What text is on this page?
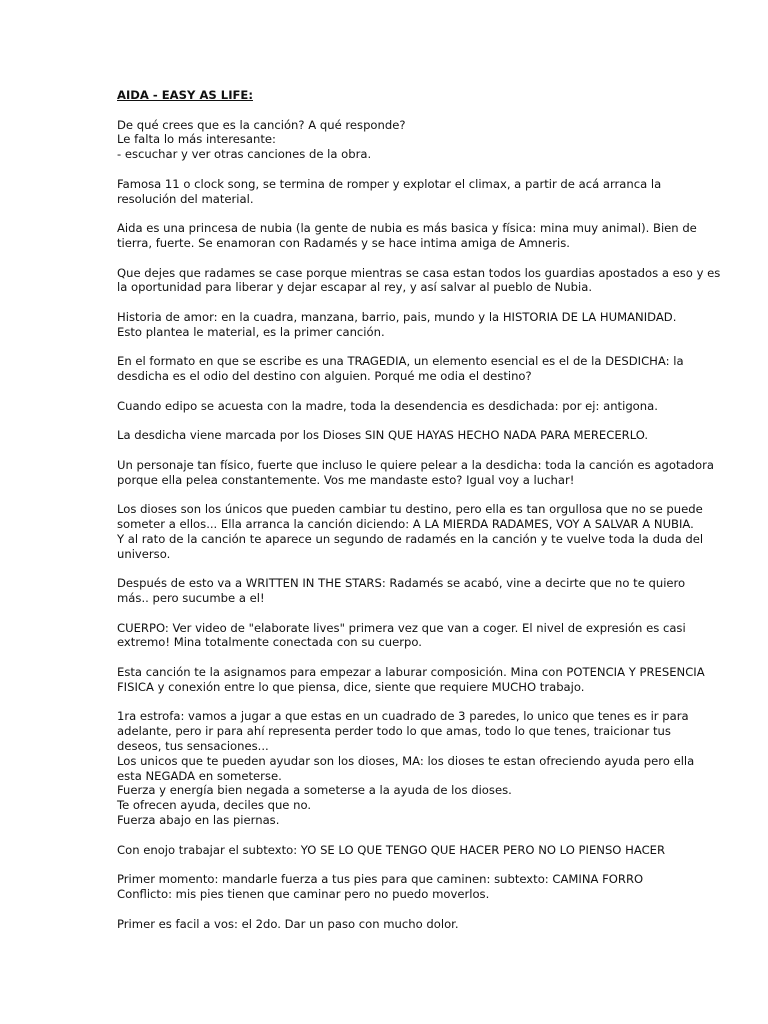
AIDA - EASY AS LIFE:
De qué crees que es la canción? A qué responde?
Le falta lo más interesante:
- escuchar y ver otras canciones de la obra.
Famosa 11 o clock song, se termina de romper y explotar el climax, a partir de acá arranca la
resolución del material.
Aida es una princesa de nubia (la gente de nubia es más basica y física: mina muy animal). Bien de
tierra, fuerte. Se enamoran con Radamés y se hace intima amiga de Amneris.
Que dejes que radames se case porque mientras se casa estan todos los guardias apostados a eso y es
la oportunidad para liberar y dejar escapar al rey, y así salvar al pueblo de Nubia.
Historia de amor: en la cuadra, manzana, barrio, pais, mundo y la HISTORIA DE LA HUMANIDAD.
Esto plantea le material, es la primer canción.
En el formato en que se escribe es una TRAGEDIA, un elemento esencial es el de la DESDICHA: la
desdicha es el odio del destino con alguien. Porqué me odia el destino?
Cuando edipo se acuesta con la madre, toda la desendencia es desdichada: por ej: antigona.
La desdicha viene marcada por los Dioses SIN QUE HAYAS HECHO NADA PARA MERECERLO.
Un personaje tan físico, fuerte que incluso le quiere pelear a la desdicha: toda la canción es agotadora
porque ella pelea constantemente. Vos me mandaste esto? Igual voy a luchar!
Los dioses son los únicos que pueden cambiar tu destino, pero ella es tan orgullosa que no se puede
someter a ellos... Ella arranca la canción diciendo: A LA MIERDA RADAMES, VOY A SALVAR A NUBIA.
Y al rato de la canción te aparece un segundo de radamés en la canción y te vuelve toda la duda del
universo.
Después de esto va a WRITTEN IN THE STARS: Radamés se acabó, vine a decirte que no te quiero
más.. pero sucumbe a el!
CUERPO: Ver video de "elaborate lives" primera vez que van a coger. El nivel de expresión es casi
extremo! Mina totalmente conectada con su cuerpo.
Esta canción te la asignamos para empezar a laburar composición. Mina con POTENCIA Y PRESENCIA
FISICA y conexión entre lo que piensa, dice, siente que requiere MUCHO trabajo.
1ra estrofa: vamos a jugar a que estas en un cuadrado de 3 paredes, lo unico que tenes es ir para
adelante, pero ir para ahí representa perder todo lo que amas, todo lo que tenes, traicionar tus
deseos, tus sensaciones...
Los unicos que te pueden ayudar son los dioses, MA: los dioses te estan ofreciendo ayuda pero ella
esta NEGADA en someterse.
Fuerza y energía bien negada a someterse a la ayuda de los dioses.
Te ofrecen ayuda, deciles que no.
Fuerza abajo en las piernas.
Con enojo trabajar el subtexto: YO SE LO QUE TENGO QUE HACER PERO NO LO PIENSO HACER
Primer momento: mandarle fuerza a tus pies para que caminen: subtexto: CAMINA FORRO
Conflicto: mis pies tienen que caminar pero no puedo moverlos.
Primer es facil a vos: el 2do. Dar un paso con mucho dolor.
